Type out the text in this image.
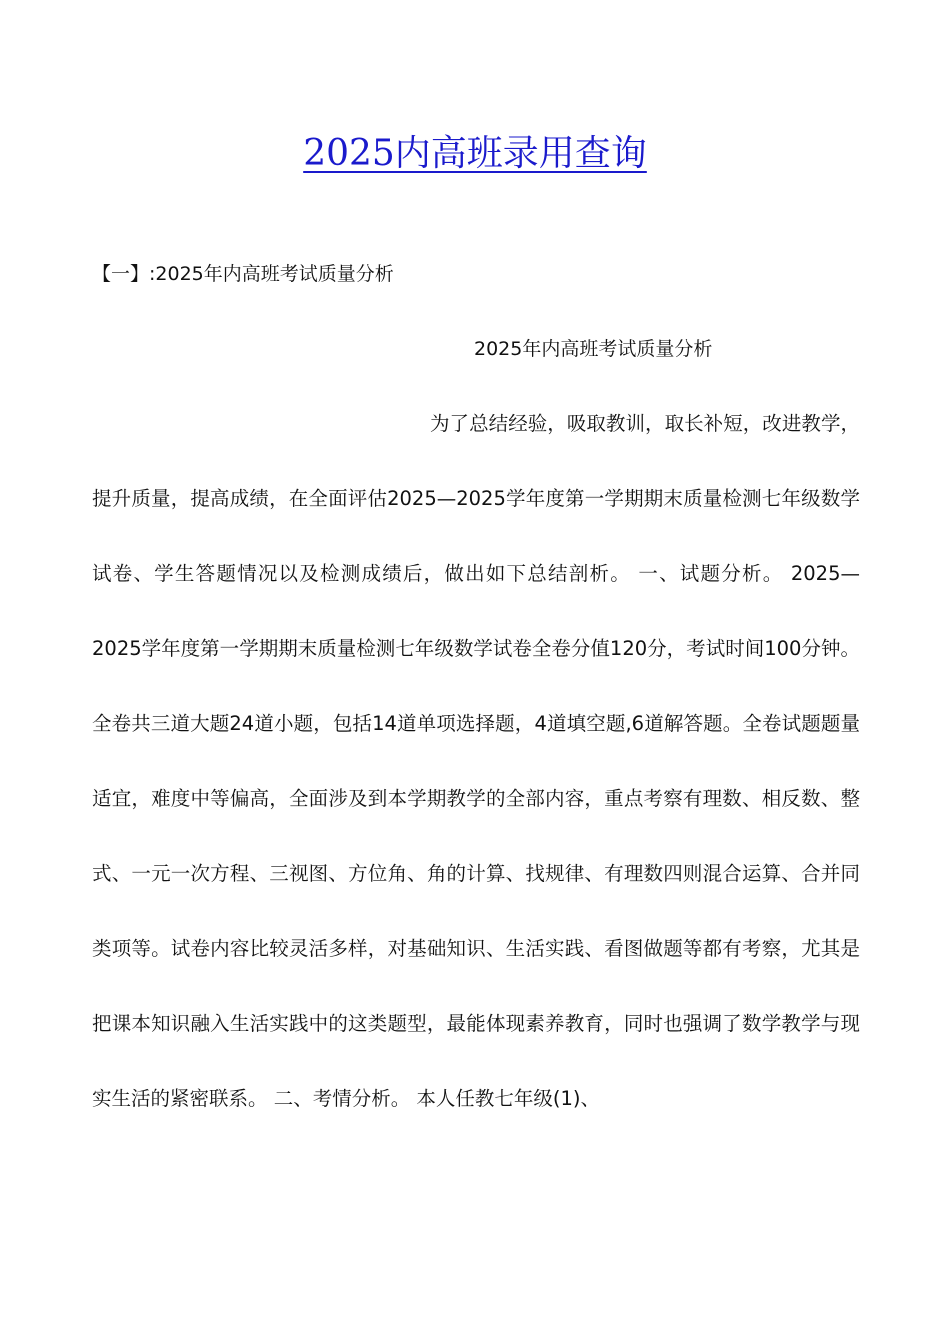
2025内高班录用查询

【一】:2025年内高班考试质量分析

2025年内高班考试质量分析

为了总结经验，吸取教训，取长补短，改进教学，提升质量，提高成绩，在全面评估2025—2025学年度第一学期期末质量检测七年级数学试卷、学生答题情况以及检测成绩后，做出如下总结剖析。 一、试题分析。 2025—2025学年度第一学期期末质量检测七年级数学试卷全卷分值120分，考试时间100分钟。全卷共三道大题24道小题，包括14道单项选择题，4道填空题,6道解答题。全卷试题题量适宜，难度中等偏高，全面涉及到本学期教学的全部内容，重点考察有理数、相反数、整式、一元一次方程、三视图、方位角、角的计算、找规律、有理数四则混合运算、合并同类项等。试卷内容比较灵活多样，对基础知识、生活实践、看图做题等都有考察，尤其是把课本知识融入生活实践中的这类题型，最能体现素养教育，同时也强调了数学教学与现实生活的紧密联系。 二、考情分析。 本人任教七年级(1)、
